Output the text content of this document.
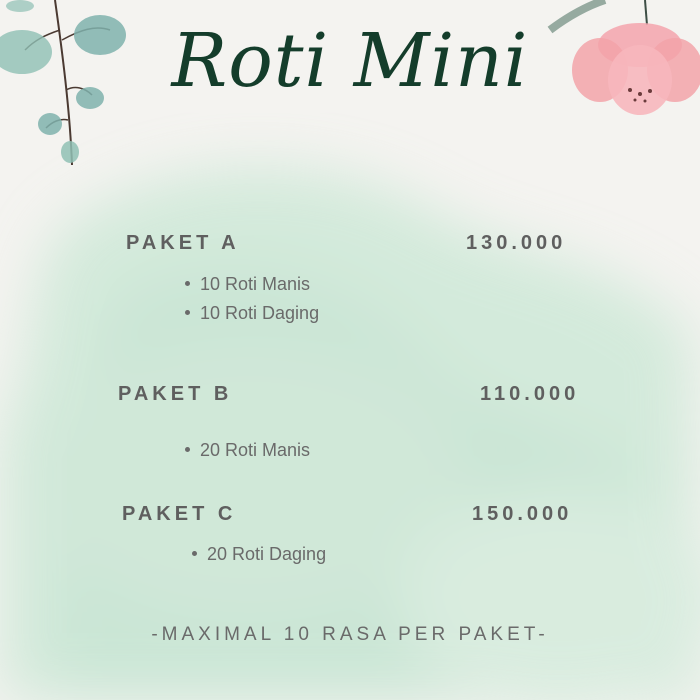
Roti Mini
PAKET A	130.000
10 Roti Manis
10 Roti Daging
PAKET B	110.000
20 Roti Manis
PAKET C	150.000
20 Roti Daging
-MAXIMAL 10 RASA PER PAKET-
